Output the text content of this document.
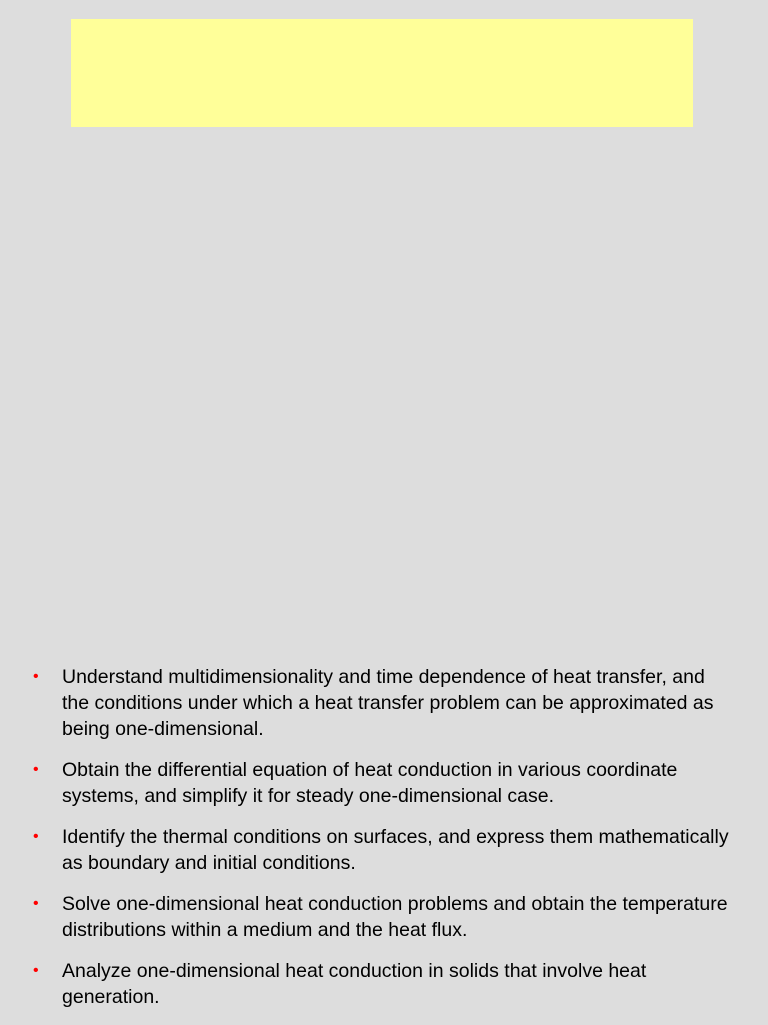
• Understand multidimensionality and time dependence of heat transfer, and the conditions under which a heat transfer problem can be approximated as being one-dimensional.
• Obtain the differential equation of heat conduction in various coordinate systems, and simplify it for steady one-dimensional case.
• Identify the thermal conditions on surfaces, and express them mathematically as boundary and initial conditions.
• Solve one-dimensional heat conduction problems and obtain the temperature distributions within a medium and the heat flux.
• Analyze one-dimensional heat conduction in solids that involve heat generation.
